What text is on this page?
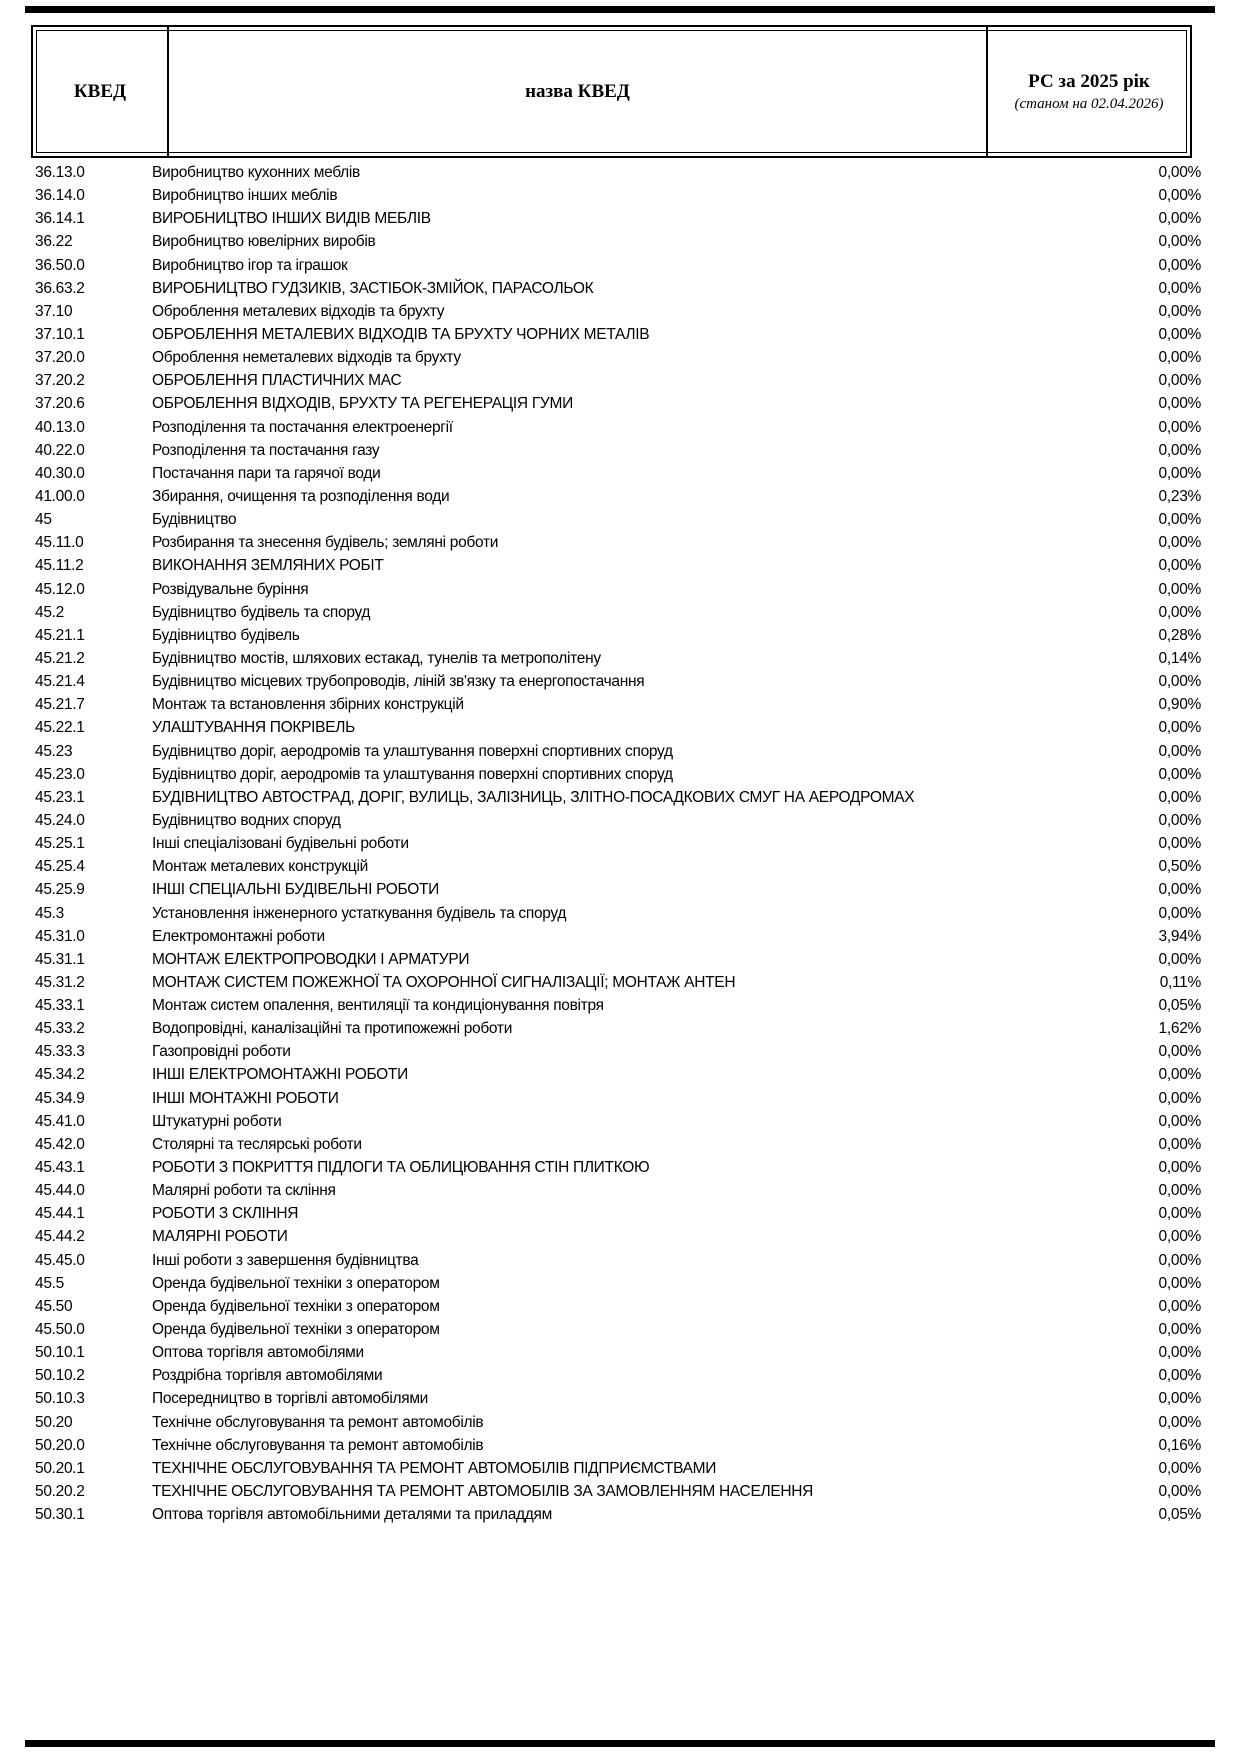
КВЕД	назва КВЕД	РС за 2025 рік
(станом на 02.04.2026)
36.13.0	Виробництво кухонних меблів	0,00%
36.14.0	Виробництво інших меблів	0,00%
36.14.1	ВИРОБНИЦТВО ІНШИХ ВИДІВ МЕБЛІВ	0,00%
36.22	Виробництво ювелірних виробів	0,00%
36.50.0	Виробництво ігор та іграшок	0,00%
36.63.2	ВИРОБНИЦТВО ГУДЗИКІВ, ЗАСТІБОК-ЗМІЙОК, ПАРАСОЛЬОК	0,00%
37.10	Оброблення металевих відходів та брухту	0,00%
37.10.1	ОБРОБЛЕННЯ МЕТАЛЕВИХ ВІДХОДІВ ТА БРУХТУ ЧОРНИХ МЕТАЛІВ	0,00%
37.20.0	Оброблення неметалевих відходів та брухту	0,00%
37.20.2	ОБРОБЛЕННЯ ПЛАСТИЧНИХ МАС	0,00%
37.20.6	ОБРОБЛЕННЯ ВІДХОДІВ, БРУХТУ ТА РЕГЕНЕРАЦІЯ ГУМИ	0,00%
40.13.0	Розподілення та постачання електроенергії	0,00%
40.22.0	Розподілення та постачання газу	0,00%
40.30.0	Постачання пари та гарячої води	0,00%
41.00.0	Збирання, очищення та розподілення води	0,23%
45	Будівництво	0,00%
45.11.0	Розбирання та знесення будівель; земляні роботи	0,00%
45.11.2	ВИКОНАННЯ ЗЕМЛЯНИХ РОБІТ	0,00%
45.12.0	Розвідувальне буріння	0,00%
45.2	Будівництво будівель та споруд	0,00%
45.21.1	Будівництво будівель	0,28%
45.21.2	Будівництво мостів, шляхових естакад, тунелів та метрополітену	0,14%
45.21.4	Будівництво місцевих трубопроводів, ліній зв'язку та енергопостачання	0,00%
45.21.7	Монтаж та встановлення збірних конструкцій	0,90%
45.22.1	УЛАШТУВАННЯ ПОКРІВЕЛЬ	0,00%
45.23	Будівництво доріг, аеродромів та улаштування поверхні спортивних споруд	0,00%
45.23.0	Будівництво доріг, аеродромів та улаштування поверхні спортивних споруд	0,00%
45.23.1	БУДІВНИЦТВО АВТОСТРАД, ДОРІГ, ВУЛИЦЬ, ЗАЛІЗНИЦЬ, ЗЛІТНО-ПОСАДКОВИХ СМУГ НА АЕРОДРОМАХ	0,00%
45.24.0	Будівництво водних споруд	0,00%
45.25.1	Інші спеціалізовані будівельні роботи	0,00%
45.25.4	Монтаж металевих конструкцій	0,50%
45.25.9	ІНШІ СПЕЦІАЛЬНІ БУДІВЕЛЬНІ РОБОТИ	0,00%
45.3	Установлення інженерного устаткування будівель та споруд	0,00%
45.31.0	Електромонтажні роботи	3,94%
45.31.1	МОНТАЖ ЕЛЕКТРОПРОВОДКИ І АРМАТУРИ	0,00%
45.31.2	МОНТАЖ СИСТЕМ ПОЖЕЖНОЇ ТА ОХОРОННОЇ СИГНАЛІЗАЦІЇ; МОНТАЖ АНТЕН	0,11%
45.33.1	Монтаж систем опалення, вентиляції та кондиціонування повітря	0,05%
45.33.2	Водопровідні, каналізаційні та протипожежні роботи	1,62%
45.33.3	Газопровідні роботи	0,00%
45.34.2	ІНШІ ЕЛЕКТРОМОНТАЖНІ РОБОТИ	0,00%
45.34.9	ІНШІ МОНТАЖНІ РОБОТИ	0,00%
45.41.0	Штукатурні роботи	0,00%
45.42.0	Столярні та теслярські роботи	0,00%
45.43.1	РОБОТИ З ПОКРИТТЯ ПІДЛОГИ ТА ОБЛИЦЮВАННЯ СТІН ПЛИТКОЮ	0,00%
45.44.0	Малярні роботи та скління	0,00%
45.44.1	РОБОТИ З СКЛІННЯ	0,00%
45.44.2	МАЛЯРНІ РОБОТИ	0,00%
45.45.0	Інші роботи з завершення будівництва	0,00%
45.5	Оренда будівельної техніки з оператором	0,00%
45.50	Оренда будівельної техніки з оператором	0,00%
45.50.0	Оренда будівельної техніки з оператором	0,00%
50.10.1	Оптова торгівля автомобілями	0,00%
50.10.2	Роздрібна торгівля автомобілями	0,00%
50.10.3	Посередництво в торгівлі автомобілями	0,00%
50.20	Технічне обслуговування та ремонт автомобілів	0,00%
50.20.0	Технічне обслуговування та ремонт автомобілів	0,16%
50.20.1	ТЕХНІЧНЕ ОБСЛУГОВУВАННЯ ТА РЕМОНТ АВТОМОБІЛІВ ПІДПРИЄМСТВАМИ	0,00%
50.20.2	ТЕХНІЧНЕ ОБСЛУГОВУВАННЯ ТА РЕМОНТ АВТОМОБІЛІВ ЗА ЗАМОВЛЕННЯМ НАСЕЛЕННЯ	0,00%
50.30.1	Оптова торгівля автомобільними деталями та приладдям	0,05%
